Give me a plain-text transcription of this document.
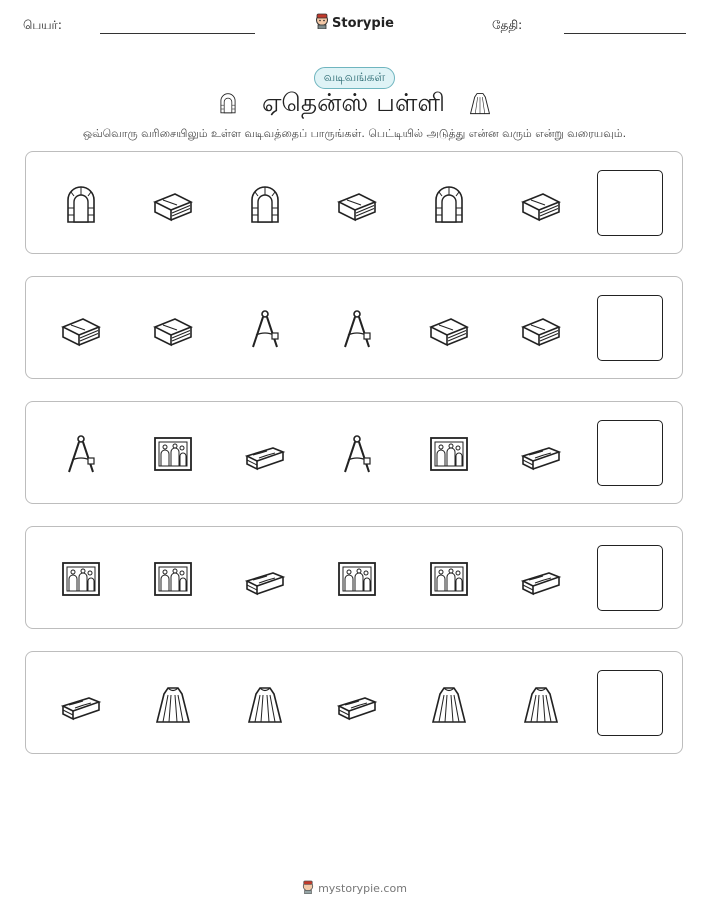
பெயர்:	Storypie	தேதி:
வடிவங்கள்
ஏதென்ஸ் பள்ளி
ஒவ்வொரு வரிசையிலும் உள்ள வடிவத்தைப் பாருங்கள். பெட்டியில் அடுத்து என்ன வரும் என்று வரையவும்.
mystorypie.com
